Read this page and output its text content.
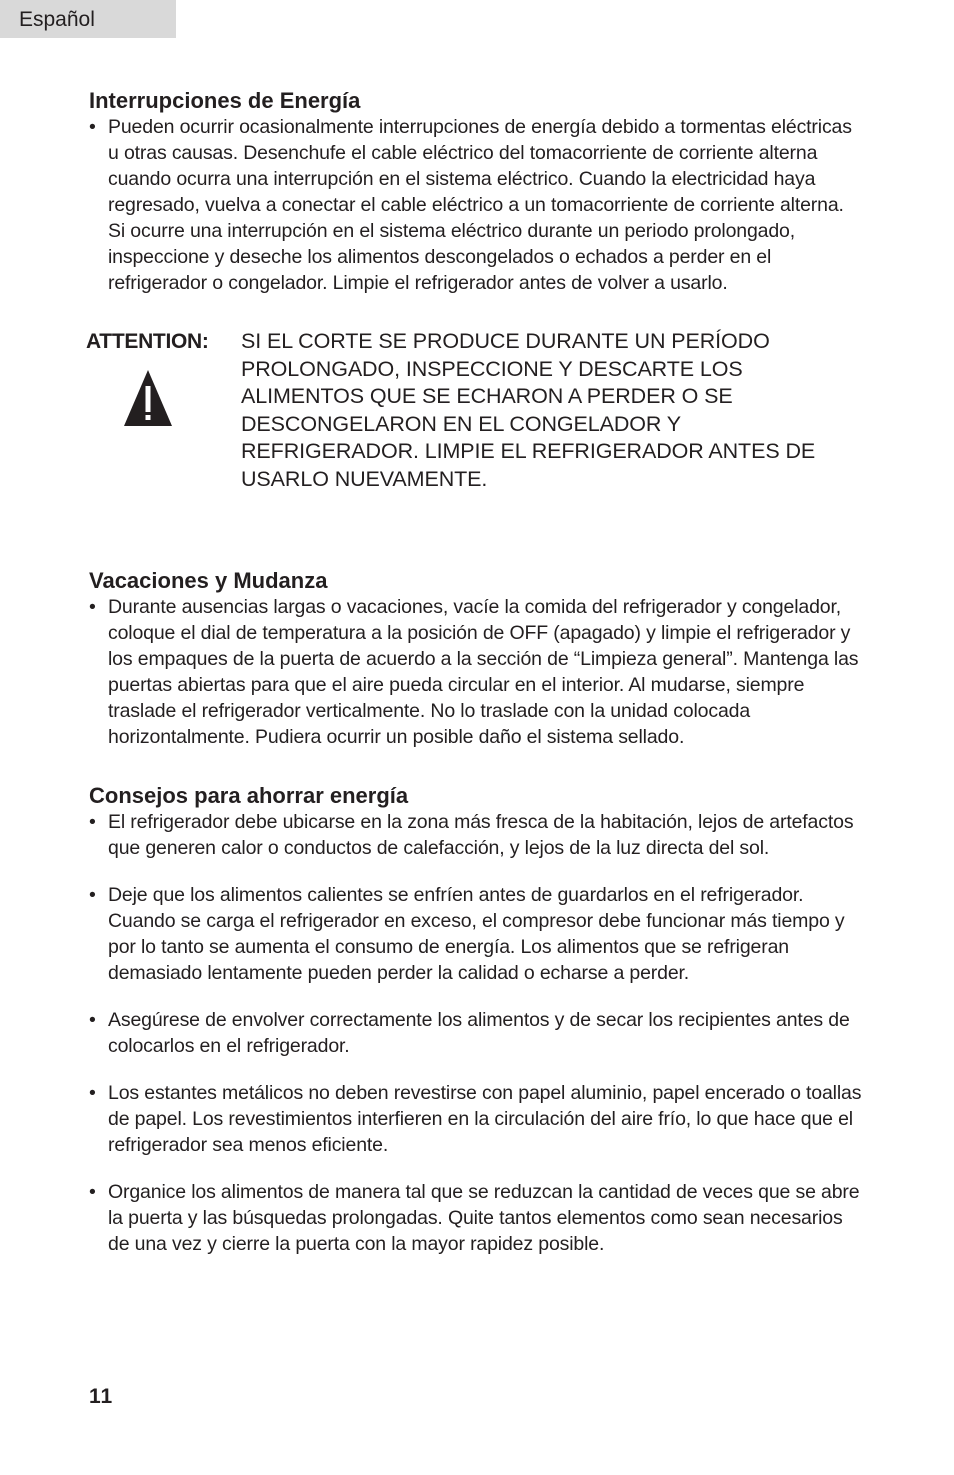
Español
Interrupciones de Energía
• Pueden ocurrir ocasionalmente interrupciones de energía debido a tormentas eléctricas u otras causas. Desenchufe el cable eléctrico del tomacorriente de corriente alterna cuando ocurra una interrupción en el sistema eléctrico. Cuando la electricidad haya regresado, vuelva a conectar el cable eléctrico a un tomacorriente de corriente alterna. Si ocurre una interrupción en el sistema eléctrico durante un periodo prolongado, inspeccione y deseche los alimentos descongelados o echados a perder en el refrigerador o congelador. Limpie el refrigerador antes de volver a usarlo.
ATTENTION: SI EL CORTE SE PRODUCE DURANTE UN PERÍODO PROLONGADO, INSPECCIONE Y DESCARTE LOS ALIMENTOS QUE SE ECHARON A PERDER O SE DESCONGELARON EN EL CONGELADOR Y REFRIGERADOR. LIMPIE EL REFRIGERADOR ANTES DE USARLO NUEVAMENTE.
Vacaciones y Mudanza
• Durante ausencias largas o vacaciones, vacíe la comida del refrigerador y congelador, coloque el dial de temperatura a la posición de OFF (apagado) y limpie el refrigerador y los empaques de la puerta de acuerdo a la sección de “Limpieza general”. Mantenga las puertas abiertas para que el aire pueda circular en el interior. Al mudarse, siempre traslade el refrigerador verticalmente. No lo traslade con la unidad colocada horizontalmente. Pudiera ocurrir un posible daño el sistema sellado.
Consejos para ahorrar energía
• El refrigerador debe ubicarse en la zona más fresca de la habitación, lejos de artefactos que generen calor o conductos de calefacción, y lejos de la luz directa del sol.
• Deje que los alimentos calientes se enfríen antes de guardarlos en el refrigerador. Cuando se carga el refrigerador en exceso, el compresor debe funcionar más tiempo y por lo tanto se aumenta el consumo de energía. Los alimentos que se refrigeran demasiado lentamente pueden perder la calidad o echarse a perder.
• Asegúrese de envolver correctamente los alimentos y de secar los recipientes antes de colocarlos en el refrigerador.
• Los estantes metálicos no deben revestirse con papel aluminio, papel encerado o toallas de papel. Los revestimientos interfieren en la circulación del aire frío, lo que hace que el refrigerador sea menos eficiente.
• Organice los alimentos de manera tal que se reduzcan la cantidad de veces que se abre la puerta y las búsquedas prolongadas. Quite tantos elementos como sean necesarios de una vez y cierre la puerta con la mayor rapidez posible.
11
